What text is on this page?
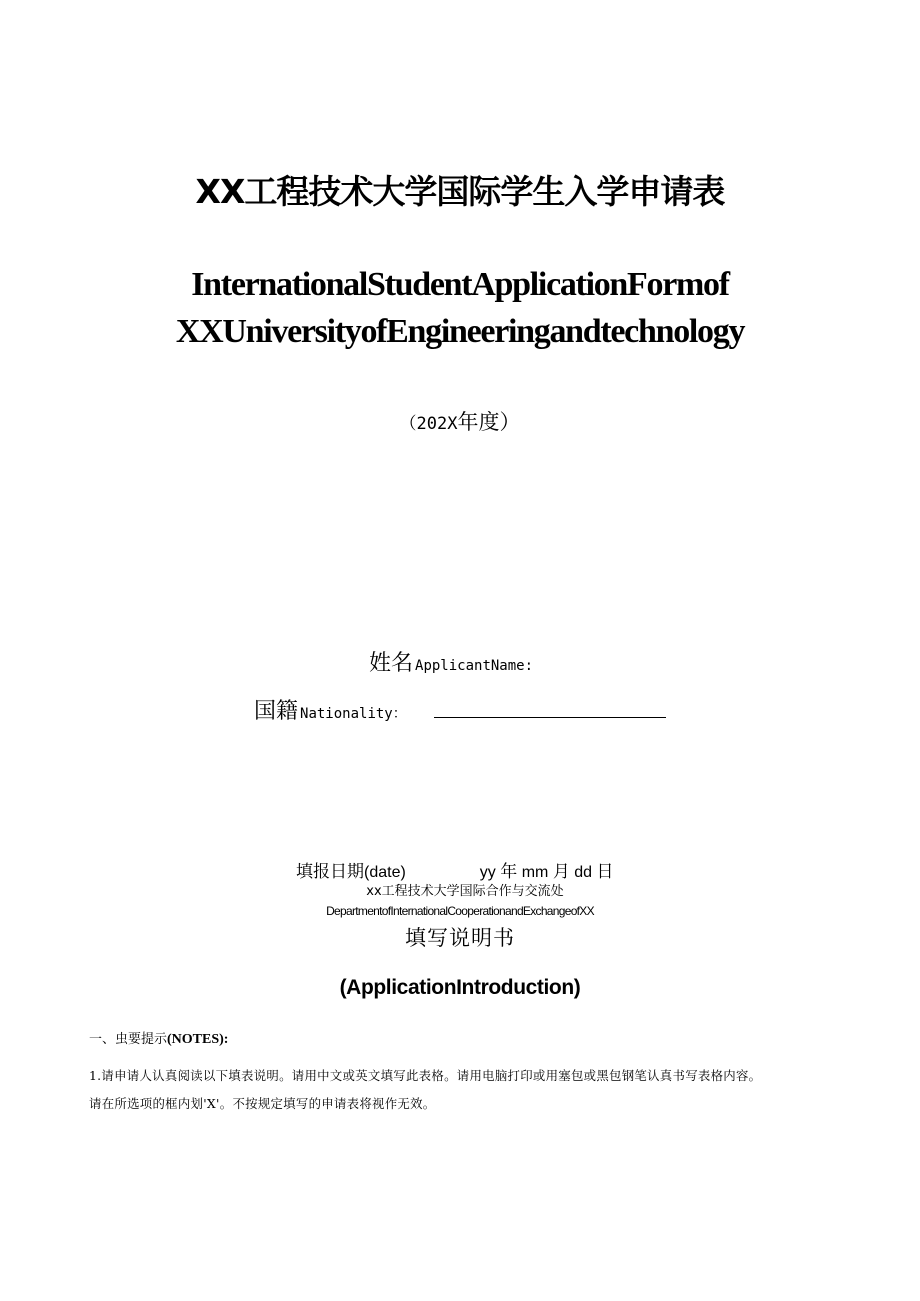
XX工程技术大学国际学生入学申请表
InternationalStudentApplicationFormof
XXUniversityofEngineeringandtechnology
（202X年度）
姓名 ApplicantName:
国籍 Nationality：
填报日期(date)	yy 年 mm 月 dd 日
xx工程技术大学国际合作与交流处
DepartmentofInternationalCooperationandExchangeofXX
填写说明书
(ApplicationIntroduction)
一、虫要提示(NOTES):
1.请申请人认真阅读以下填表说明。请用中文或英文填写此表格。请用电脑打印或用塞包或黑包钢笔认真书写表格内容。
请在所选项的框内划'X'。不按规定填写的申请表将视作无效。
